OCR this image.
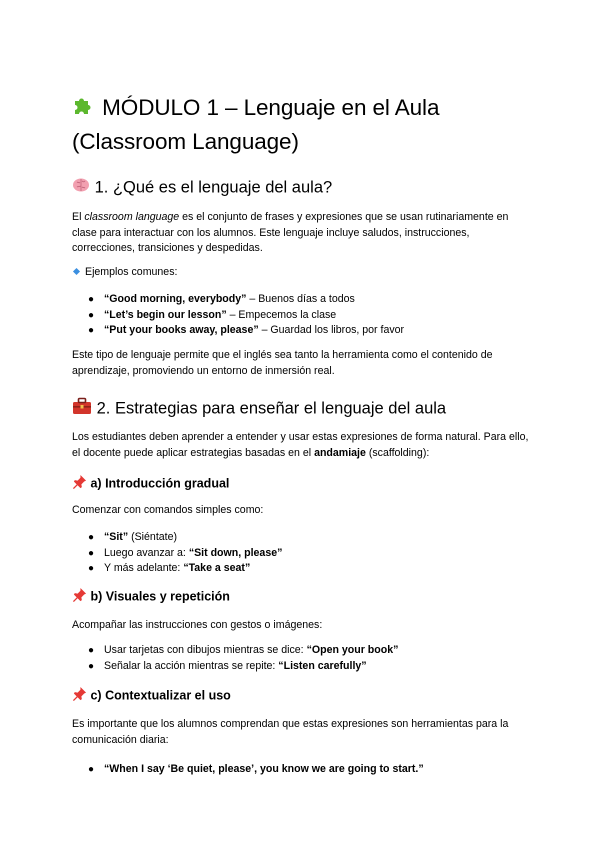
MÓDULO 1 – Lenguaje en el Aula (Classroom Language)
1. ¿Qué es el lenguaje del aula?

El classroom language es el conjunto de frases y expresiones que se usan rutinariamente en clase para interactuar con los alumnos. Este lenguaje incluye saludos, instrucciones, correcciones, transiciones y despedidas.

Ejemplos comunes:
● “Good morning, everybody” – Buenos días a todos
● “Let’s begin our lesson” – Empecemos la clase
● “Put your books away, please” – Guardad los libros, por favor

Este tipo de lenguaje permite que el inglés sea tanto la herramienta como el contenido de aprendizaje, promoviendo un entorno de inmersión real.

2. Estrategias para enseñar el lenguaje del aula

Los estudiantes deben aprender a entender y usar estas expresiones de forma natural. Para ello, el docente puede aplicar estrategias basadas en el andamiaje (scaffolding):

a) Introducción gradual

Comenzar con comandos simples como:

● “Sit” (Siéntate)
● Luego avanzar a: “Sit down, please”
● Y más adelante: “Take a seat”
b) Visuales y repetición

Acompañar las instrucciones con gestos o imágenes:

● Usar tarjetas con dibujos mientras se dice: “Open your book”
● Señalar la acción mientras se repite: “Listen carefully”
c) Contextualizar el uso

Es importante que los alumnos comprendan que estas expresiones son herramientas para la comunicación diaria:

● “When I say ‘Be quiet, please’, you know we are going to start.”
